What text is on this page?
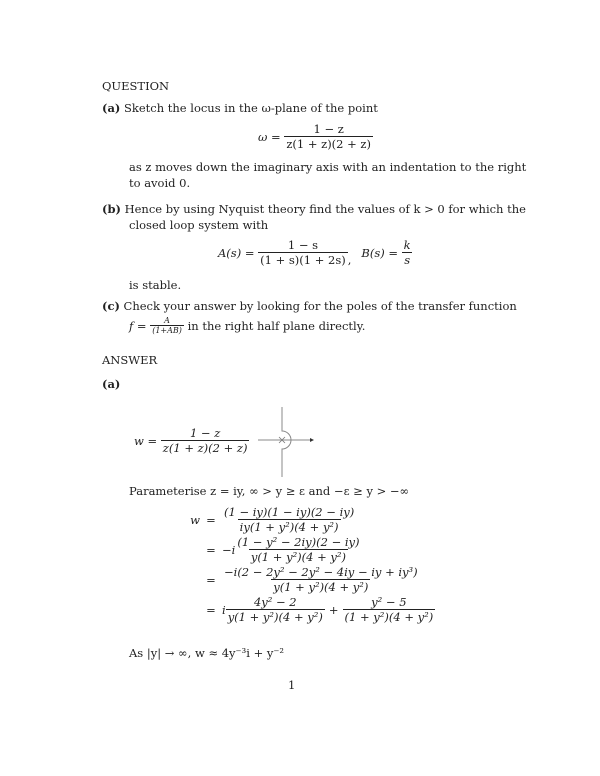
QUESTION
(a) Sketch the locus in the ω-plane of the point
ω =
$\frac{1 - z}{z(1 + z)(2 + z)}$
as z moves down the imaginary axis with an indentation to the right
to avoid 0.
(b) Hence by using Nyquist theory find the values of k > 0 for which the
closed loop system with
A(s) =
$\frac{1 - s}{(1 + s)(1 + 2s)}$ ,
B(s) =
$\frac{k}{s}$
is stable.
(c) Check your answer by looking for the poles of the transfer function
f =
$\frac{A}{(1+AB)}$
in the right half plane directly.
ANSWER
(a)
w =
$\frac{1 - z}{z(1 + z)(2 + z)}$
Parameterise z = iy, ∞ > y ≥ ε and −ε ≥ y > −∞
$w = \frac{(1 - iy)(1 - iy)(2 - iy)}{\text{iy(1 + y²)(4 + y²)}}$
= $-i \frac{\text{(1 − y² − 2iy)(2 − iy)}}{\text{y(1 + y²)(4 + y²)}}$
= $\frac{\text{−i(2 − 2y² − 2y² − 4iy − iy + iy³)}}{\text{y(1 + y²)(4 + y²)}}$
= i $\frac{\text{4y² − 2}}{\text{y(1 + y²)(4 + y²)}} + \frac{\text{y² − 5}}{\text{(1 + y²)(4 + y²)}}$
As |y| → ∞, w ≈ 4y⁻³i + y⁻²
1
